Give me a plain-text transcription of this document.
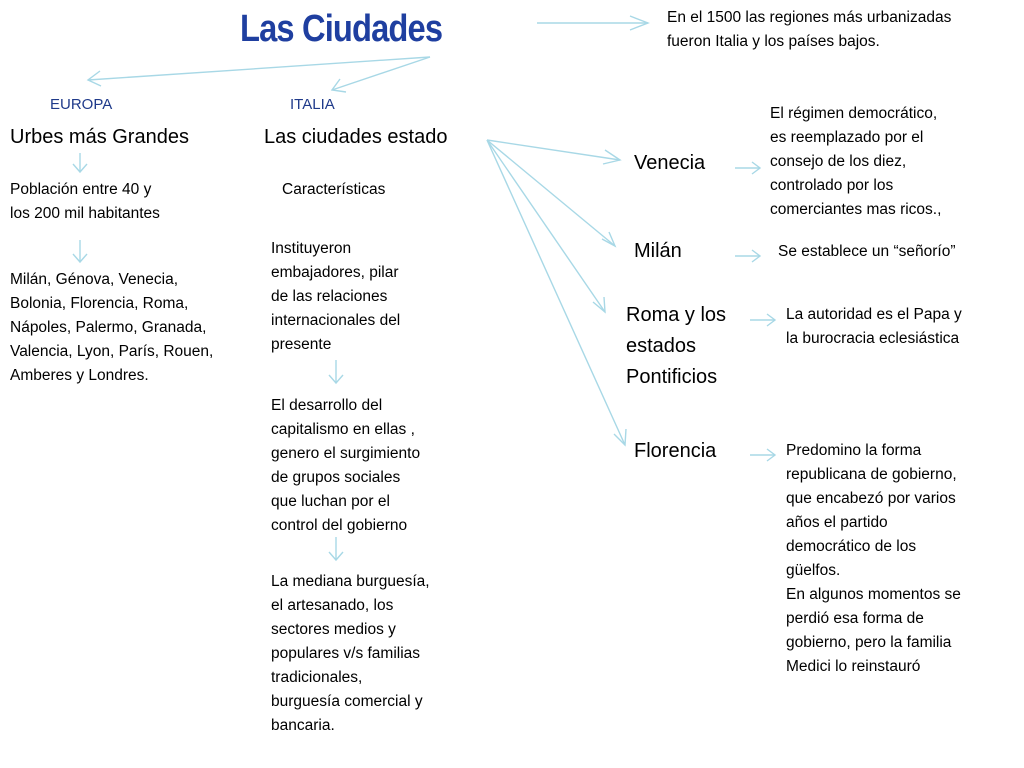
Las Ciudades	En el 1500 las regiones más urbanizadas
fueron Italia y los países bajos.
EUROPA
Urbes más Grandes
Población entre 40 y
los 200 mil habitantes
Milán, Génova, Venecia,
Bolonia, Florencia, Roma,
Nápoles, Palermo, Granada,
Valencia, Lyon, París, Rouen,
Amberes y Londres.
ITALIA
Las ciudades estado
Características
Instituyeron
embajadores, pilar
de las relaciones
internacionales del
presente
El desarrollo del
capitalismo en ellas ,
genero el surgimiento
de grupos sociales
que luchan por el
control del gobierno
La mediana burguesía,
el artesanado, los
sectores medios y
populares v/s familias
tradicionales,
burguesía comercial y
bancaria.
Venecia
El régimen democrático,
es reemplazado por el
consejo de los diez,
controlado por los
comerciantes mas ricos.,
Milán	Se establece un “señorío”
Roma y los
estados
Pontificios
La autoridad es el Papa y
la burocracia eclesiástica
Florencia	Predomino la forma
republicana de gobierno,
que encabezó por varios
años el partido
democrático de los
güelfos.
En algunos momentos se
perdió esa forma de
gobierno, pero la familia
Medici lo reinstauró
